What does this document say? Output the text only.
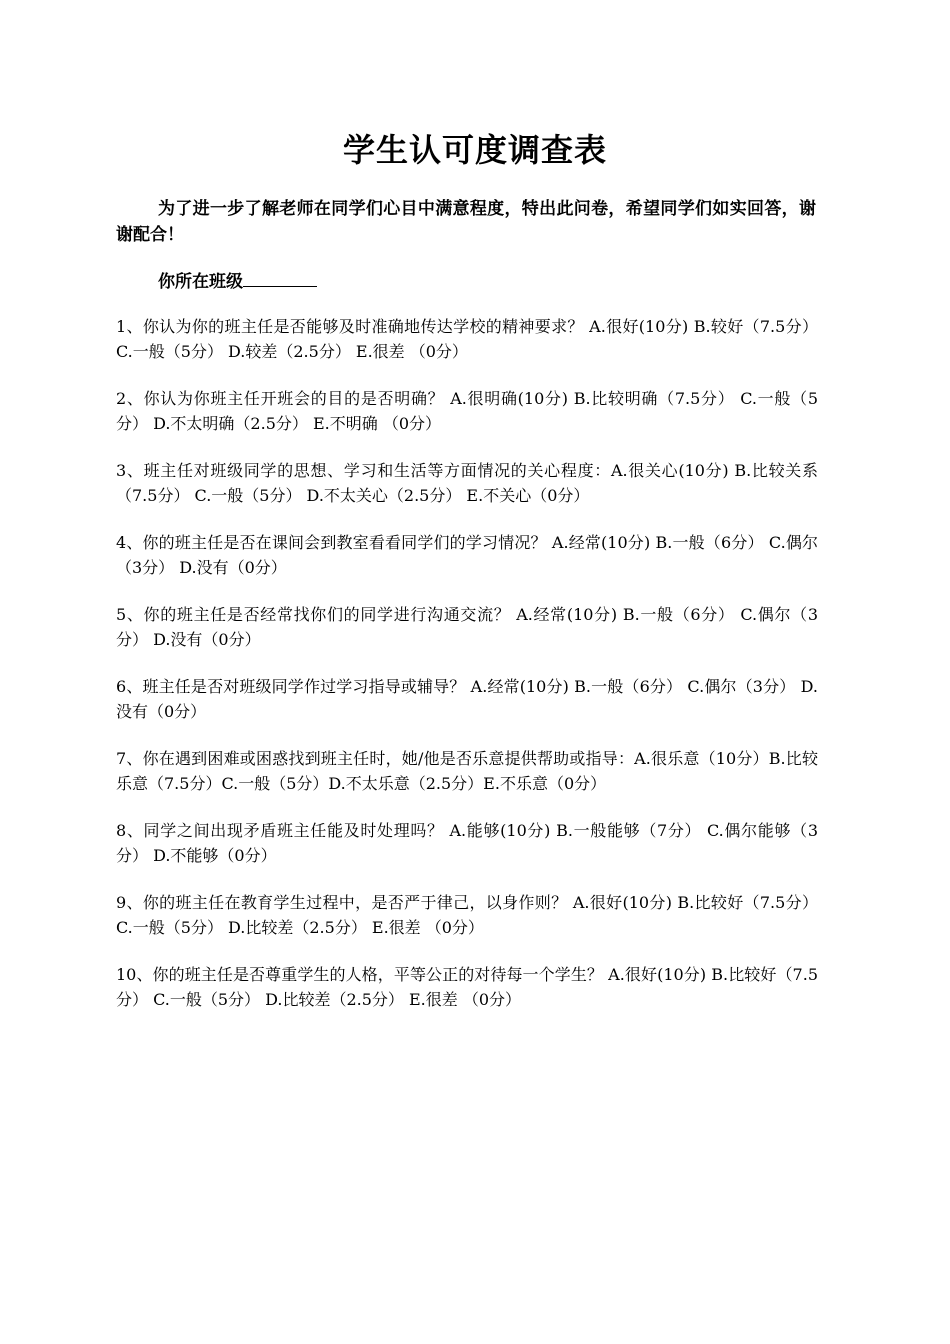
学生认可度调查表
为了进一步了解老师在同学们心目中满意程度，特出此问卷，希望同学们如实回答，谢谢配合！
你所在班级

1、你认为你的班主任是否能够及时准确地传达学校的精神要求？ A.很好(10分) B.较好（7.5分） C.一般（5分） D.较差（2.5分） E.很差 （0分）

2、你认为你班主任开班会的目的是否明确？ A.很明确(10分) B.比较明确（7.5分） C.一般（5分） D.不太明确（2.5分） E.不明确 （0分）

3、班主任对班级同学的思想、学习和生活等方面情况的关心程度：A.很关心(10分) B.比较关系（7.5分） C.一般（5分） D.不太关心（2.5分） E.不关心（0分）

4、你的班主任是否在课间会到教室看看同学们的学习情况？ A.经常(10分) B.一般（6分） C.偶尔（3分） D.没有（0分）

5、你的班主任是否经常找你们的同学进行沟通交流？ A.经常(10分) B.一般（6分） C.偶尔（3分） D.没有（0分）

6、班主任是否对班级同学作过学习指导或辅导？ A.经常(10分) B.一般（6分） C.偶尔（3分） D.没有（0分）

7、你在遇到困难或困惑找到班主任时，她/他是否乐意提供帮助或指导：A.很乐意（10分）B.比较乐意（7.5分）C.一般（5分）D.不太乐意（2.5分）E.不乐意（0分）

8、同学之间出现矛盾班主任能及时处理吗？ A.能够(10分) B.一般能够（7分） C.偶尔能够（3分） D.不能够（0分）

9、你的班主任在教育学生过程中，是否严于律己，以身作则？ A.很好(10分) B.比较好（7.5分） C.一般（5分） D.比较差（2.5分） E.很差 （0分）

10、你的班主任是否尊重学生的人格，平等公正的对待每一个学生？ A.很好(10分) B.比较好（7.5分） C.一般（5分） D.比较差（2.5分） E.很差 （0分）
